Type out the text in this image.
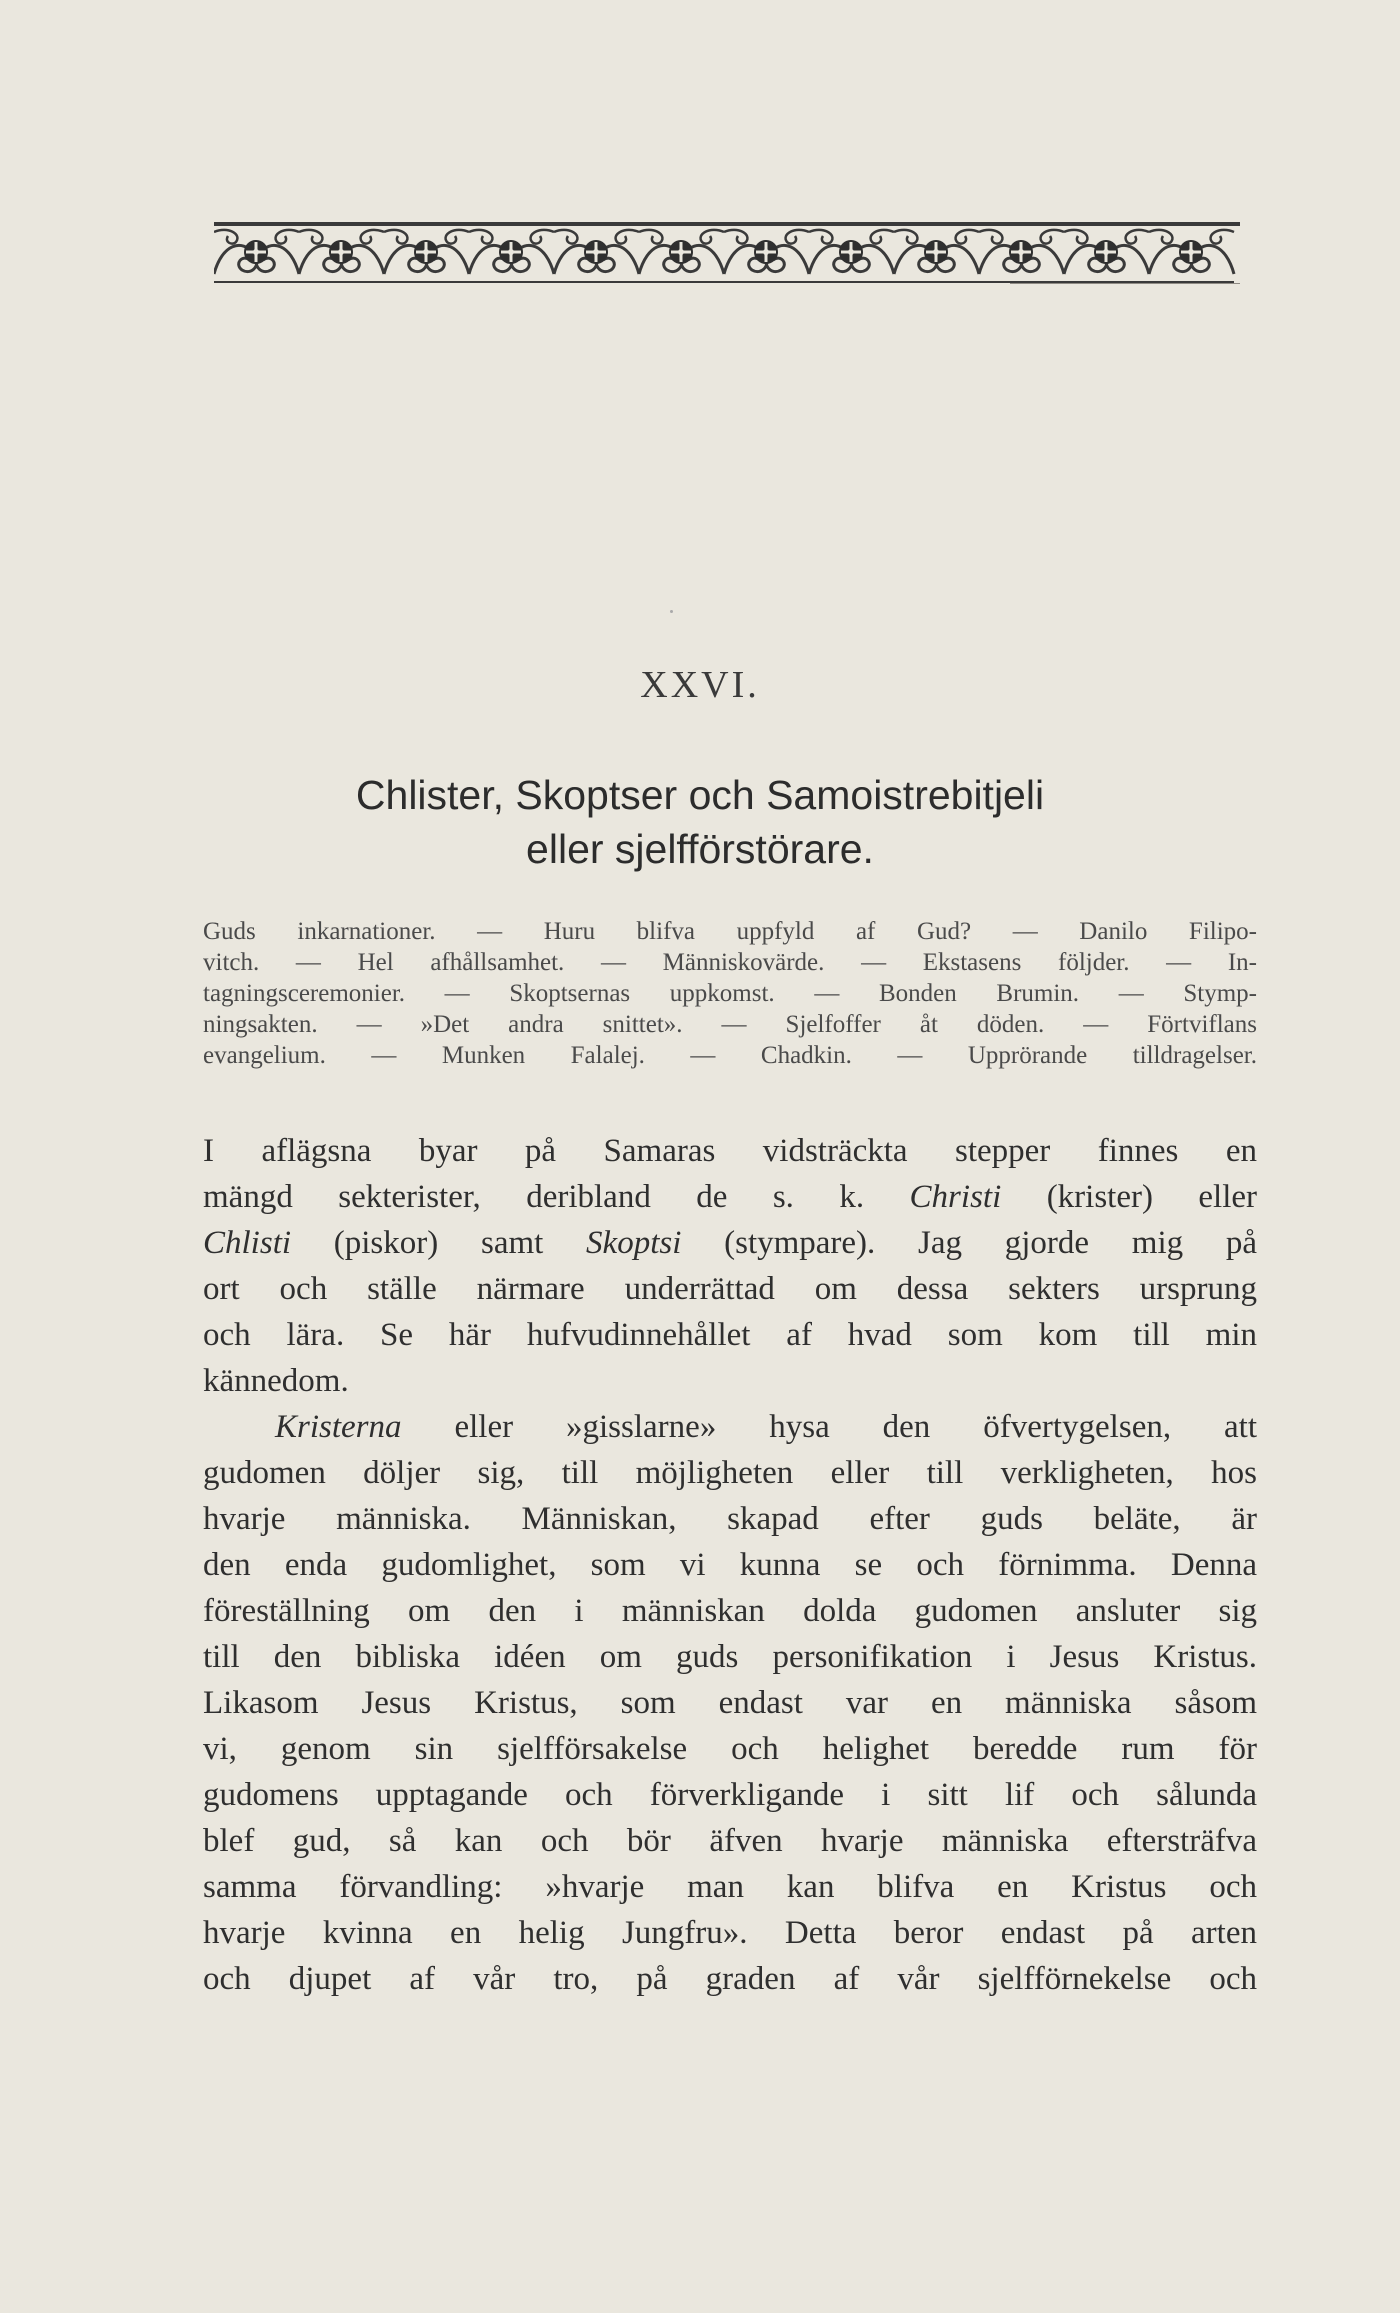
XXVI.
Chlister, Skoptser och Samoistrebitjeli
eller sjelfförstörare.
Guds inkarnationer. — Huru blifva uppfyld af Gud? — Danilo Filipo-
vitch. — Hel afhållsamhet. — Människovärde. — Ekstasens följder. — In-
tagningsceremonier. — Skoptsernas uppkomst. — Bonden Brumin. — Stymp-
ningsakten. — »Det andra snittet». — Sjelfoffer åt döden. — Förtviflans
evangelium. — Munken Falalej. — Chadkin. — Upprörande tilldragelser.
I aflägsna byar på Samaras vidsträckta stepper finnes en
mängd sekterister, deribland de s. k. Christi (krister) eller
Chlisti (piskor) samt Skoptsi (stympare). Jag gjorde mig på
ort och ställe närmare underrättad om dessa sekters ursprung
och lära. Se här hufvudinnehållet af hvad som kom till min
kännedom.
Kristerna eller »gisslarne» hysa den öfvertygelsen, att
gudomen döljer sig, till möjligheten eller till verkligheten, hos
hvarje människa. Människan, skapad efter guds beläte, är
den enda gudomlighet, som vi kunna se och förnimma. Denna
föreställning om den i människan dolda gudomen ansluter sig
till den bibliska idéen om guds personifikation i Jesus Kristus.
Likasom Jesus Kristus, som endast var en människa såsom
vi, genom sin sjelfförsakelse och helighet beredde rum för
gudomens upptagande och förverkligande i sitt lif och sålunda
blef gud, så kan och bör äfven hvarje människa eftersträfva
samma förvandling: »hvarje man kan blifva en Kristus och
hvarje kvinna en helig Jungfru». Detta beror endast på arten
och djupet af vår tro, på graden af vår sjelfförnekelse och
